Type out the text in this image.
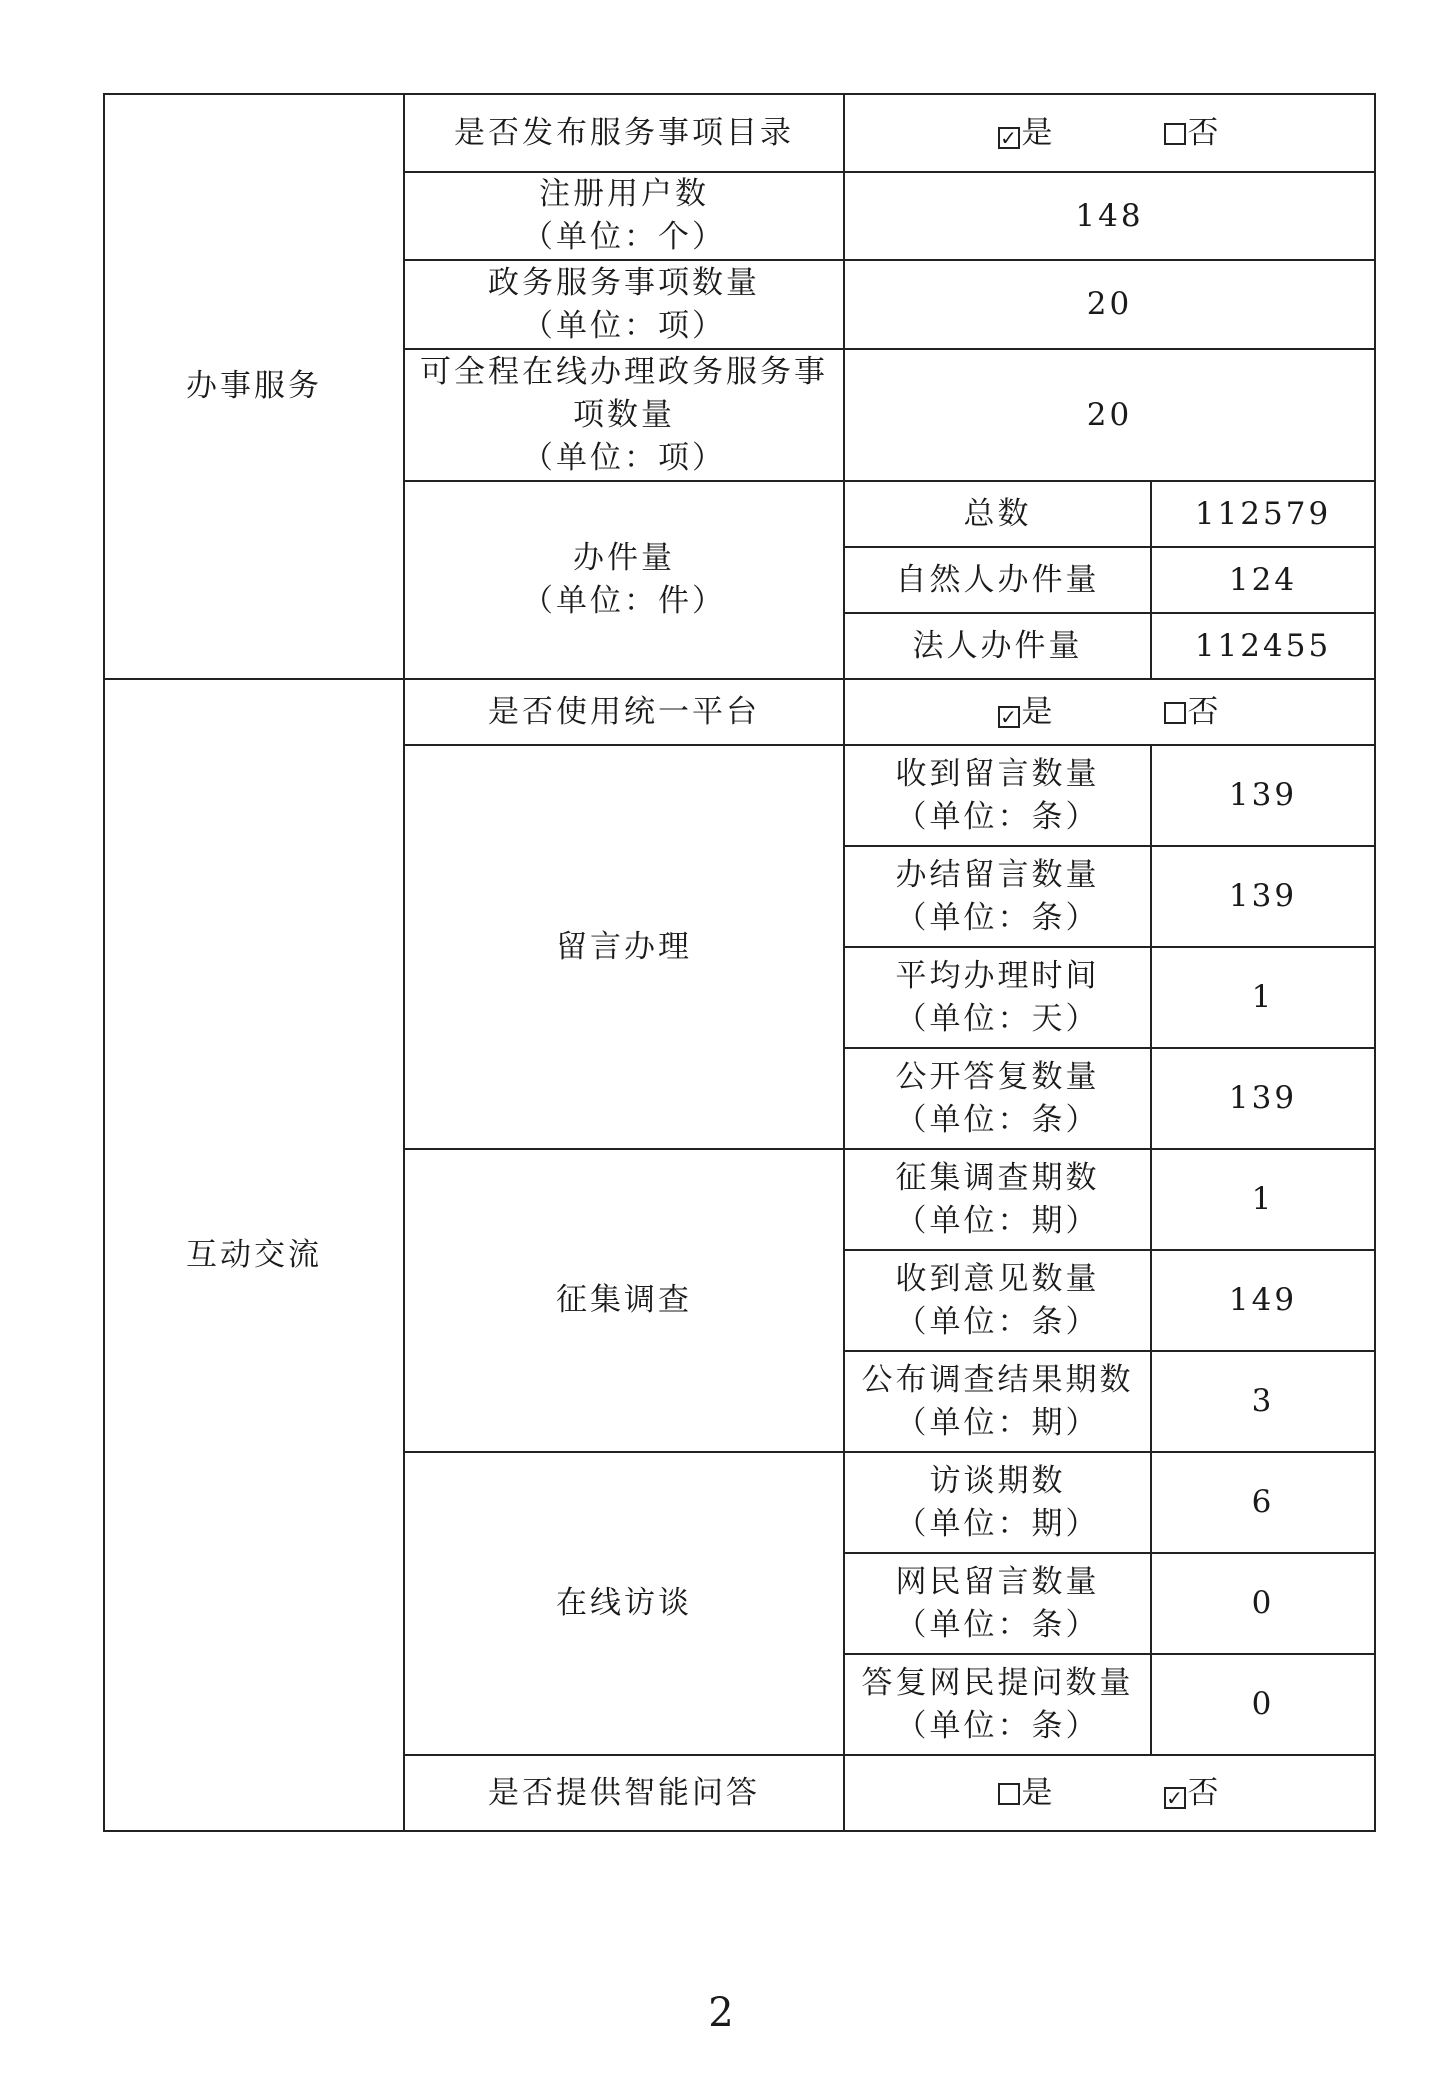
办事服务	是否发布服务事项目录	✓ 是 否	

	注册用户数
（单位：个）	148	

	政务服务事项数量
（单位：项）	20	

	可全程在线办理政务服务事
项数量
（单位：项）	20	

	办件量
（单位：件）	总数	112579
		自然人办件量	124
		法人办件量	112455
互动交流	是否使用统一平台	✓ 是 否	
	留言办理	收到留言数量
（单位：条）	139

		办结留言数量
（单位：条）	139

		平均办理时间
（单位：天）	1

		公开答复数量
（单位：条）	139
	征集调查	征集调查期数
（单位：期）	1

		收到意见数量
（单位：条）	149

		公布调查结果期数
（单位：期）	3
	在线访谈	访谈期数
（单位：期）	6

		网民留言数量
（单位：条）	0

		答复网民提问数量
（单位：条）	0
	是否提供智能问答	是 ✓ 否	
2
